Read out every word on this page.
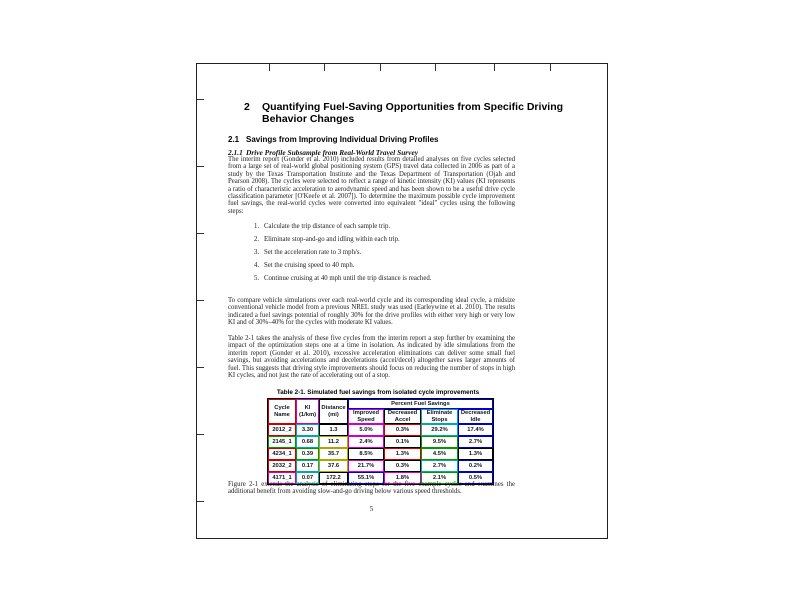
2 Quantifying Fuel-Saving Opportunities from Specific Driving Behavior Changes
2.1 Savings from Improving Individual Driving Profiles
2.1.1 Drive Profile Subsample from Real-World Travel Survey
The interim report (Gonder et al. 2010) included results from detailed analyses on five cycles selected from a large set of real-world global positioning system (GPS) travel data collected in 2006 as part of a study by the Texas Transportation Institute and the Texas Department of Transportation (Ojah and Pearson 2008). The cycles were selected to reflect a range of kinetic intensity (KI) values (KI represents a ratio of characteristic acceleration to aerodynamic speed and has been shown to be a useful drive cycle classification parameter [O'Keefe et al. 2007]). To determine the maximum possible cycle improvement fuel savings, the real-world cycles were converted into equivalent "ideal" cycles using the following steps:
1. Calculate the trip distance of each sample trip.
2. Eliminate stop-and-go and idling within each trip.
3. Set the acceleration rate to 3 mph/s.
4. Set the cruising speed to 40 mph.
5. Continue cruising at 40 mph until the trip distance is reached.
To compare vehicle simulations over each real-world cycle and its corresponding ideal cycle, a midsize conventional vehicle model from a previous NREL study was used (Earleywine et al. 2010). The results indicated a fuel savings potential of roughly 30% for the drive profiles with either very high or very low KI and of 30%–40% for the cycles with moderate KI values.
Table 2-1 takes the analysis of these five cycles from the interim report a step further by examining the impact of the optimization steps one at a time in isolation. As indicated by idle simulations from the interim report (Gonder et al. 2010), excessive acceleration eliminations can deliver some small fuel savings, but avoiding accelerations and decelerations (accel/decel) altogether saves larger amounts of fuel. This suggests that driving style improvements should focus on reducing the number of stops in high KI cycles, and not just the rate of accelerating out of a stop.
Table 2-1. Simulated fuel savings from isolated cycle improvements
Cycle Name	KI (1/km)	Distance (mi)	Percent Fuel Savings			
			Improved Speed	Decreased Accel	Eliminate Stops	Decreased Idle
2012_2	3.30	1.3	5.0%	0.3%	29.2%	17.4%
2145_1	0.68	11.2	2.4%	0.1%	9.5%	2.7%
4234_1	0.39	35.7	8.5%	1.3%	4.5%	1.3%
2032_2	0.17	37.6	21.7%	0.3%	2.7%	0.2%
4171_1	0.07	172.2	55.1%	1.8%	2.1%	0.5%
Figure 2-1 extends the analysis of eliminating stops for the five example cycles and examines the additional benefit from avoiding slow-and-go driving below various speed thresholds.
5
